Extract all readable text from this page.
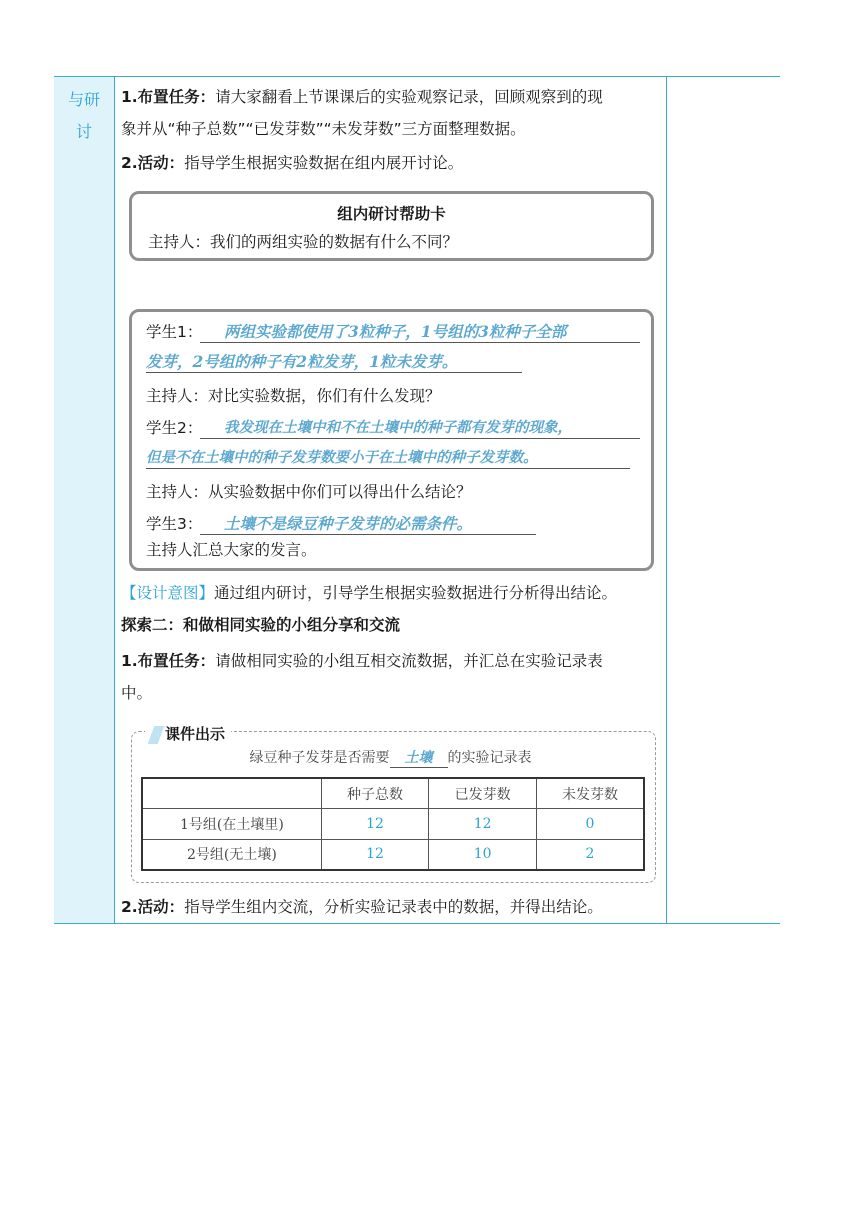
与研
讨
1.布置任务：请大家翻看上节课课后的实验观察记录，回顾观察到的现
象并从“种子总数”“已发芽数”“未发芽数”三方面整理数据。
2.活动：指导学生根据实验数据在组内展开讨论。
组内研讨帮助卡
主持人：我们的两组实验的数据有什么不同？
学生1： 两组实验都使用了3粒种子，1号组的3粒种子全部
发芽，2号组的种子有2粒发芽，1粒未发芽。
主持人：对比实验数据，你们有什么发现？
学生2： 我发现在土壤中和不在土壤中的种子都有发芽的现象，
但是不在土壤中的种子发芽数要小于在土壤中的种子发芽数。
主持人：从实验数据中你们可以得出什么结论？
学生3： 土壤不是绿豆种子发芽的必需条件。
主持人汇总大家的发言。
【设计意图】通过组内研讨，引导学生根据实验数据进行分析得出结论。
探索二：和做相同实验的小组分享和交流
1.布置任务：请做相同实验的小组互相交流数据，并汇总在实验记录表
中。
课件出示
绿豆种子发芽是否需要 土壤 的实验记录表
	种子总数	已发芽数	未发芽数
1号组(在土壤里)	12	12	0
2号组(无土壤)	12	10	2
2.活动：指导学生组内交流，分析实验记录表中的数据，并得出结论。
